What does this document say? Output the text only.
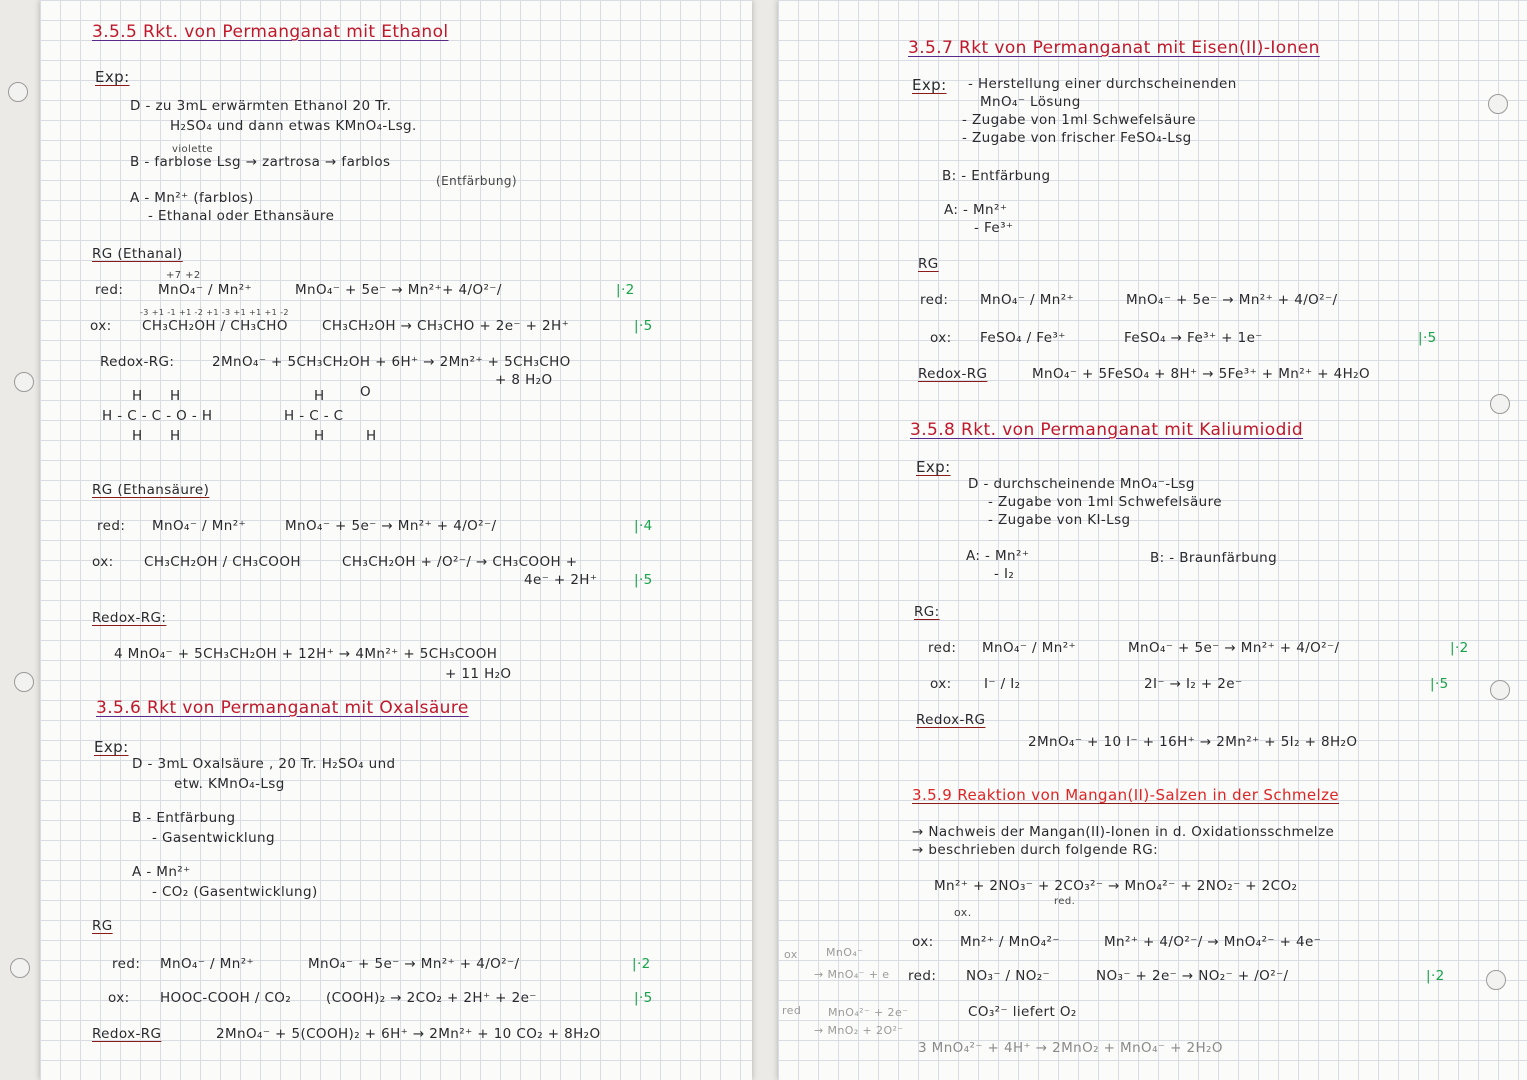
3.5.5 Rkt. von Permanganat mit Ethanol
Exp:
D - zu 3mL erwärmten Ethanol 20 Tr.
H₂SO₄ und dann etwas KMnO₄-Lsg.
violette
B - farblose Lsg → zartrosa → farblos
(Entfärbung)
A - Mn²⁺ (farblos)
- Ethanal oder Ethansäure
RG (Ethanal)
+7 +2
red:	MnO₄⁻ / Mn²⁺	MnO₄⁻ + 5e⁻ → Mn²⁺+ 4/O²⁻/	|·2
-3 +1 -1 +1 -2 +1 -3 +1 +1 +1 -2
ox: CH₃CH₂OH / CH₃CHO	CH₃CH₂OH → CH₃CHO + 2e⁻ + 2H⁺	|·5
Redox-RG:	2MnO₄⁻ + 5CH₃CH₂OH + 6H⁺ → 2Mn²⁺ + 5CH₃CHO
+ 8 H₂O
H H
H - C - C - O - H
H H
H	O
H - C - C
H	H
RG (Ethansäure)
red: MnO₄⁻ / Mn²⁺	MnO₄⁻ + 5e⁻ → Mn²⁺ + 4/O²⁻/	|·4
ox: CH₃CH₂OH / CH₃COOH	CH₃CH₂OH + /O²⁻/ → CH₃COOH +
4e⁻ + 2H⁺	|·5
Redox-RG:
4 MnO₄⁻ + 5CH₃CH₂OH + 12H⁺ → 4Mn²⁺ + 5CH₃COOH
+ 11 H₂O
3.5.6 Rkt von Permanganat mit Oxalsäure
Exp:
D - 3mL Oxalsäure , 20 Tr. H₂SO₄ und
etw. KMnO₄-Lsg
B - Entfärbung
- Gasentwicklung
A - Mn²⁺
- CO₂ (Gasentwicklung)
RG
red: MnO₄⁻ / Mn²⁺	MnO₄⁻ + 5e⁻ → Mn²⁺ + 4/O²⁻/	|·2
ox: HOOC-COOH / CO₂	(COOH)₂ → 2CO₂ + 2H⁺ + 2e⁻	|·5
Redox-RG	2MnO₄⁻ + 5(COOH)₂ + 6H⁺ → 2Mn²⁺ + 10 CO₂ + 8H₂O
3.5.7 Rkt von Permanganat mit Eisen(II)-Ionen
Exp: - Herstellung einer durchscheinenden
MnO₄⁻ Lösung
- Zugabe von 1ml Schwefelsäure
- Zugabe von frischer FeSO₄-Lsg
B: - Entfärbung
A: - Mn²⁺
- Fe³⁺
RG
red: MnO₄⁻ / Mn²⁺	MnO₄⁻ + 5e⁻ → Mn²⁺ + 4/O²⁻/
ox: FeSO₄ / Fe³⁺	FeSO₄ → Fe³⁺ + 1e⁻	|·5
Redox-RG	MnO₄⁻ + 5FeSO₄ + 8H⁺ → 5Fe³⁺ + Mn²⁺ + 4H₂O
3.5.8 Rkt. von Permanganat mit Kaliumiodid
Exp:
D - durchscheinende MnO₄⁻-Lsg
- Zugabe von 1ml Schwefelsäure
- Zugabe von KI-Lsg
A: - Mn²⁺
- I₂
B: - Braunfärbung
RG:
red: MnO₄⁻ / Mn²⁺	MnO₄⁻ + 5e⁻ → Mn²⁺ + 4/O²⁻/	|·2
ox: I⁻ / I₂	2I⁻ → I₂ + 2e⁻	|·5
Redox-RG
2MnO₄⁻ + 10 I⁻ + 16H⁺ → 2Mn²⁺ + 5I₂ + 8H₂O
3.5.9 Reaktion von Mangan(II)-Salzen in der Schmelze
→ Nachweis der Mangan(II)-Ionen in d. Oxidationsschmelze
→ beschrieben durch folgende RG:
Mn²⁺ + 2NO₃⁻ + 2CO₃²⁻ → MnO₄²⁻ + 2NO₂⁻ + 2CO₂
ox.
red.
ox: Mn²⁺ / MnO₄²⁻	Mn²⁺ + 4/O²⁻/ → MnO₄²⁻ + 4e⁻
red: NO₃⁻ / NO₂⁻	NO₃⁻ + 2e⁻ → NO₂⁻ + /O²⁻/	|·2
CO₃²⁻ liefert O₂
3 MnO₄²⁻ + 4H⁺ → 2MnO₂ + MnO₄⁻ + 2H₂O
ox	MnO₄⁻
→ MnO₄⁻ + e
red MnO₄²⁻ + 2e⁻
→ MnO₂ + 2O²⁻
